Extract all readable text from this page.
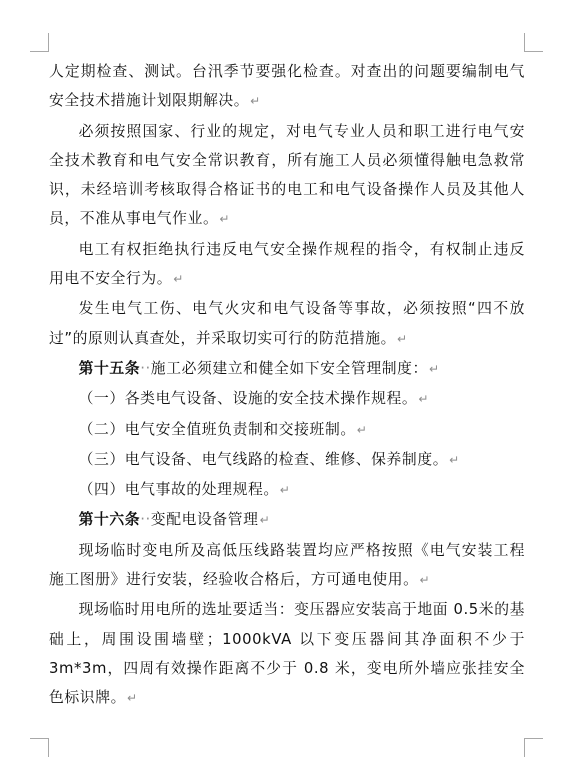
人定期检查、测试。台汛季节要强化检查。对查出的问题要编制电气安全技术措施计划限期解决。↵

必须按照国家、行业的规定，对电气专业人员和职工进行电气安全技术教育和电气安全常识教育，所有施工人员必须懂得触电急救常识，未经培训考核取得合格证书的电工和电气设备操作人员及其他人员，不准从事电气作业。↵

电工有权拒绝执行违反电气安全操作规程的指令，有权制止违反用电不安全行为。↵

发生电气工伤、电气火灾和电气设备等事故，必须按照“四不放过”的原则认真查处，并采取切实可行的防范措施。↵

第十五条··施工必须建立和健全如下安全管理制度：↵

（一）各类电气设备、设施的安全技术操作规程。↵

（二）电气安全值班负责制和交接班制。↵

（三）电气设备、电气线路的检查、维修、保养制度。↵

（四）电气事故的处理规程。↵

第十六条··变配电设备管理↵

现场临时变电所及高低压线路装置均应严格按照《电气安装工程施工图册》进行安装，经验收合格后，方可通电使用。↵

现场临时用电所的选址要适当：变压器应安装高于地面 0.5米的基础上，周围设围墙壁；1000kVA 以下变压器间其净面积不少于 3m*3m，四周有效操作距离不少于 0.8 米，变电所外墙应张挂安全色标识牌。↵
